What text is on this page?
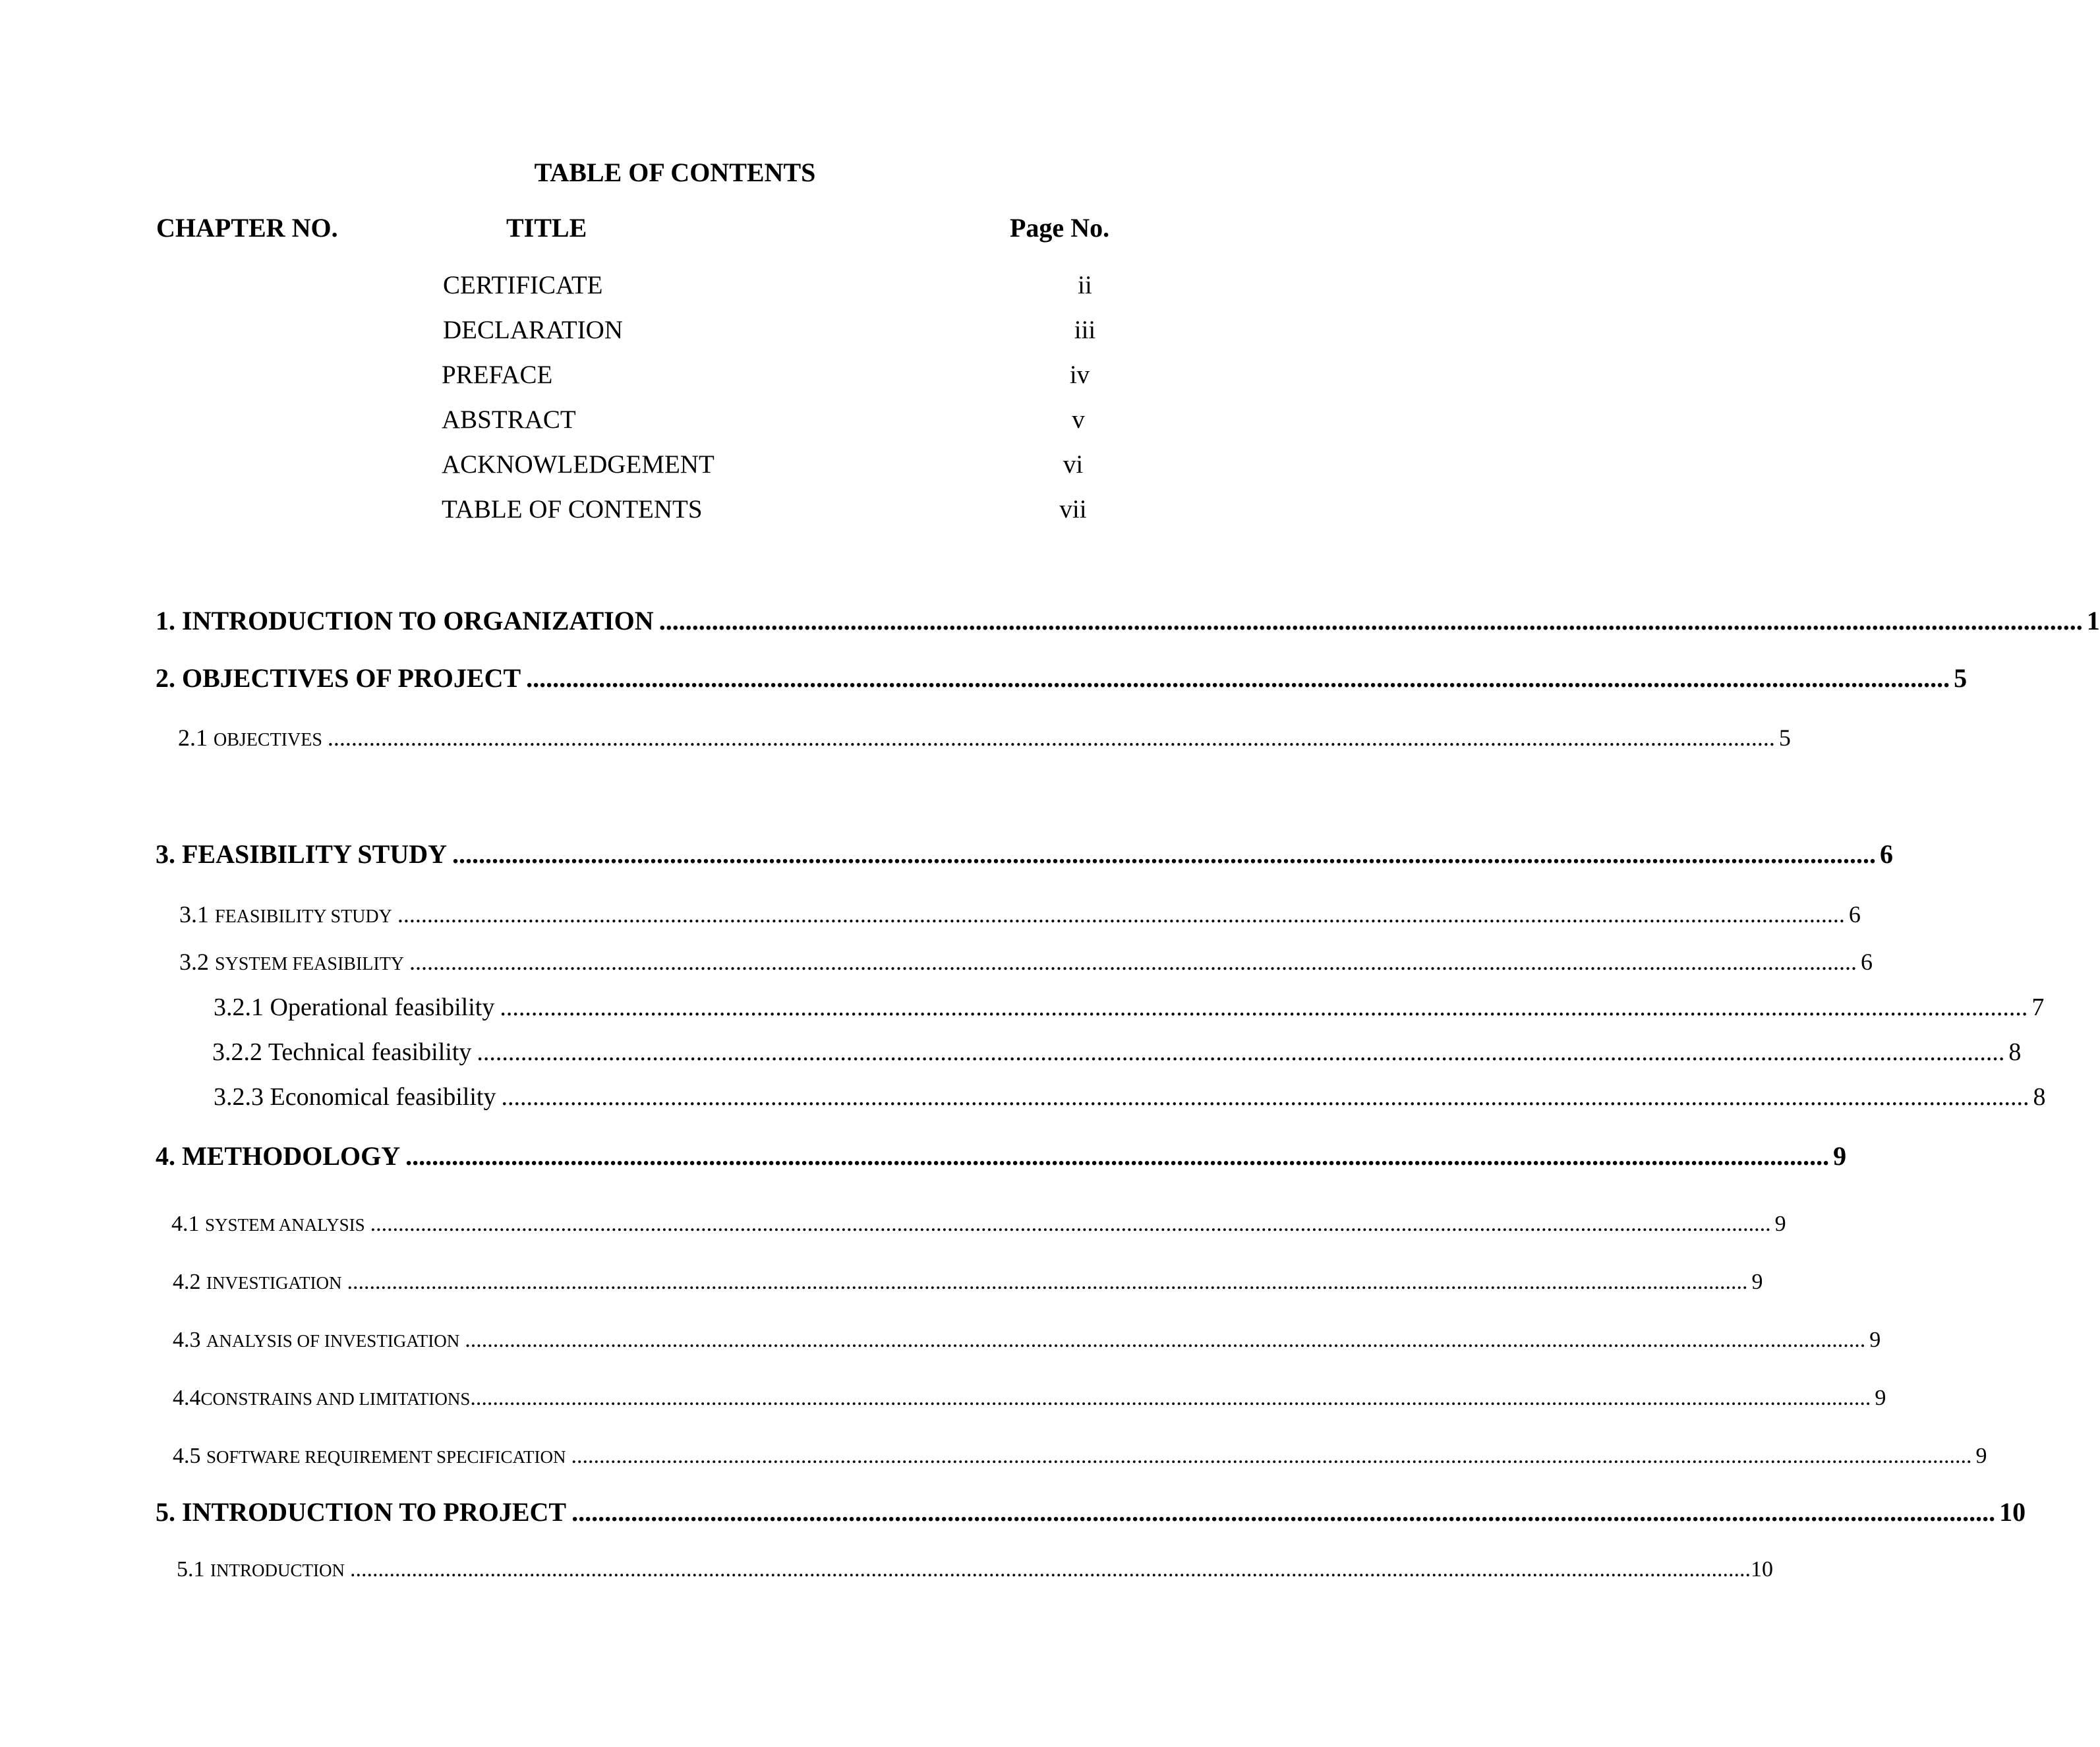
TABLE OF CONTENTS
CHAPTER NO.	TITLE	Page No.
CERTIFICATE	ii
DECLARATION	iii
PREFACE	iv
ABSTRACT	v
ACKNOWLEDGEMENT	vi
TABLE OF CONTENTS	vii
1. INTRODUCTION TO ORGANIZATION ........................................................................................................................................................................................................................ 1
2. OBJECTIVES OF PROJECT ........................................................................................................................................................................................................................ 5
2.1 OBJECTIVES .................................................................................................................................................................................................................................................... 5
3. FEASIBILITY STUDY ........................................................................................................................................................................................................................ 6
3.1 FEASIBILITY STUDY .................................................................................................................................................................................................................................................... 6
3.2 SYSTEM FEASIBILITY .................................................................................................................................................................................................................................................... 6
3.2.1 Operational feasibility .................................................................................................................................................................................................................................................... 7
3.2.2 Technical feasibility .................................................................................................................................................................................................................................................... 8
3.2.3 Economical feasibility .................................................................................................................................................................................................................................................... 8
4. METHODOLOGY ........................................................................................................................................................................................................................ 9
4.1 SYSTEM ANALYSIS .......................................................................................................................................................................................................................................................... 9
4.2 INVESTIGATION .......................................................................................................................................................................................................................................................... 9
4.3 ANALYSIS OF INVESTIGATION .......................................................................................................................................................................................................................................................... 9
4.4CONSTRAINS AND LIMITATIONS .......................................................................................................................................................................................................................................................... 9
4.5 SOFTWARE REQUIREMENT SPECIFICATION .......................................................................................................................................................................................................................................................... 9
5. INTRODUCTION TO PROJECT ........................................................................................................................................................................................................................ 10
5.1 INTRODUCTION .......................................................................................................................................................................................................................................................... 10
